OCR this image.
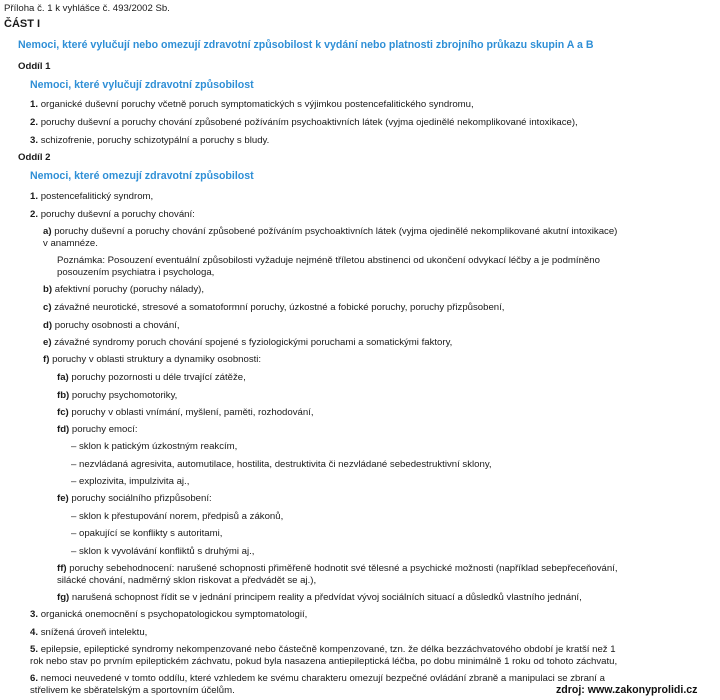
Příloha č. 1 k vyhlášce č. 493/2002 Sb.
ČÁST I
Nemoci, které vylučují nebo omezují zdravotní způsobilost k vydání nebo platnosti zbrojního průkazu skupin A a B
Oddíl 1
Nemoci, které vylučují zdravotní způsobilost
1. organické duševní poruchy včetně poruch symptomatických s výjimkou postencefalitického syndromu,
2. poruchy duševní a poruchy chování způsobené požíváním psychoaktivních látek (vyjma ojedinělé nekomplikované intoxikace),
3. schizofrenie, poruchy schizotypální a poruchy s bludy.
Oddíl 2
Nemoci, které omezují zdravotní způsobilost
1. postencefalitický syndrom,
2. poruchy duševní a poruchy chování:
a) poruchy duševní a poruchy chování způsobené požíváním psychoaktivních látek (vyjma ojedinělé nekomplikované akutní intoxikace)
v anamnéze.
Poznámka: Posouzení eventuální způsobilosti vyžaduje nejméně tříletou abstinenci od ukončení odvykací léčby a je podmíněno
posouzením psychiatra i psychologa,
b) afektivní poruchy (poruchy nálady),
c) závažné neurotické, stresové a somatoformní poruchy, úzkostné a fobické poruchy, poruchy přizpůsobení,
d) poruchy osobnosti a chování,
e) závažné syndromy poruch chování spojené s fyziologickými poruchami a somatickými faktory,
f) poruchy v oblasti struktury a dynamiky osobnosti:
fa) poruchy pozornosti u déle trvající zátěže,
fb) poruchy psychomotoriky,
fc) poruchy v oblasti vnímání, myšlení, paměti, rozhodování,
fd) poruchy emocí:
– sklon k patickým úzkostným reakcím,
– nezvládaná agresivita, automutilace, hostilita, destruktivita či nezvládané sebedestruktivní sklony,
– explozivita, impulzivita aj.,
fe) poruchy sociálního přizpůsobení:
– sklon k přestupování norem, předpisů a zákonů,
– opakující se konflikty s autoritami,
– sklon k vyvolávání konfliktů s druhými aj.,
ff) poruchy sebehodnocení: narušené schopnosti přiměřeně hodnotit své tělesné a psychické možnosti (například sebepřeceňování,
silácké chování, nadměrný sklon riskovat a předvádět se aj.),
fg) narušená schopnost řídit se v jednání principem reality a předvídat vývoj sociálních situací a důsledků vlastního jednání,
3. organická onemocnění s psychopatologickou symptomatologií,
4. snížená úroveň intelektu,
5. epilepsie, epileptické syndromy nekompenzované nebo částečně kompenzované, tzn. že délka bezzáchvatového období je kratší než 1
rok nebo stav po prvním epileptickém záchvatu, pokud byla nasazena antiepileptická léčba, po dobu minimálně 1 roku od tohoto záchvatu,
6. nemoci neuvedené v tomto oddílu, které vzhledem ke svému charakteru omezují bezpečné ovládání zbraně a manipulaci se zbraní a
střelivem ke sběratelským a sportovním účelům.	zdroj: www.zakonyprolidi.cz
